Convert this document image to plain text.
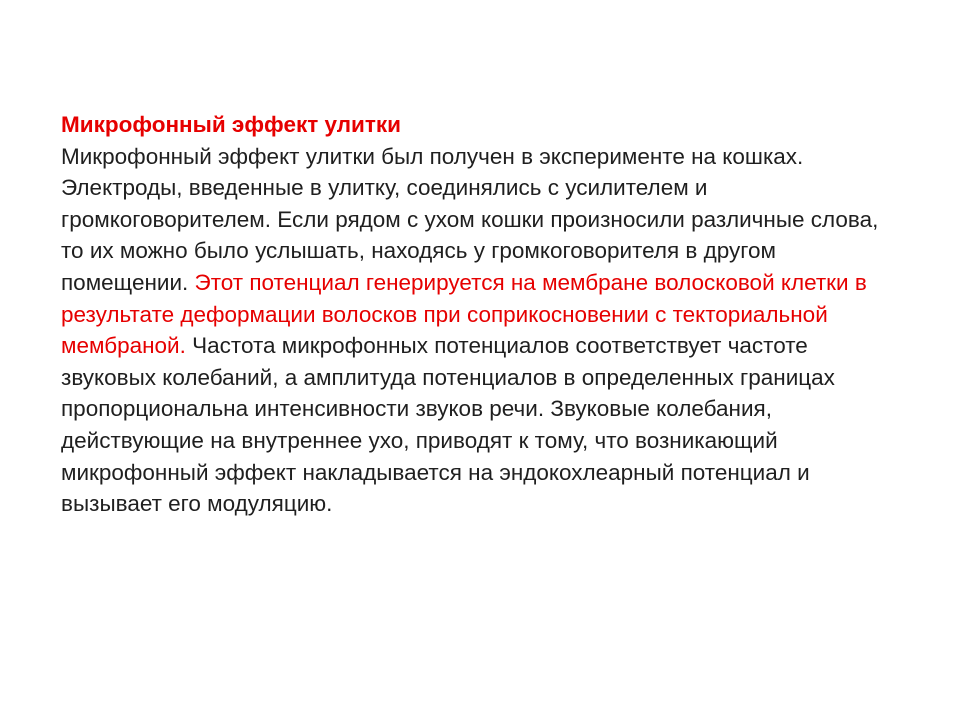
Микрофонный эффект улитки

Микрофонный эффект улитки был получен в эксперименте на кошках. Электроды, введенные в улитку, соединялись с усилителем и громкоговорителем. Если рядом с ухом кошки произносили различные слова, то их можно было услышать, находясь у громкоговорителя в другом помещении. Этот потенциал генерируется на мембране волосковой клетки в результате деформации волосков при соприкосновении с текториальной мембраной. Частота микрофонных потенциалов соответствует частоте звуковых колебаний, а амплитуда потенциалов в определенных границах пропорциональна интенсивности звуков речи. Звуковые колебания, действующие на внутреннее ухо, приводят к тому, что возникающий микрофонный эффект накладывается на эндокохлеарный потенциал и вызывает его модуляцию.
